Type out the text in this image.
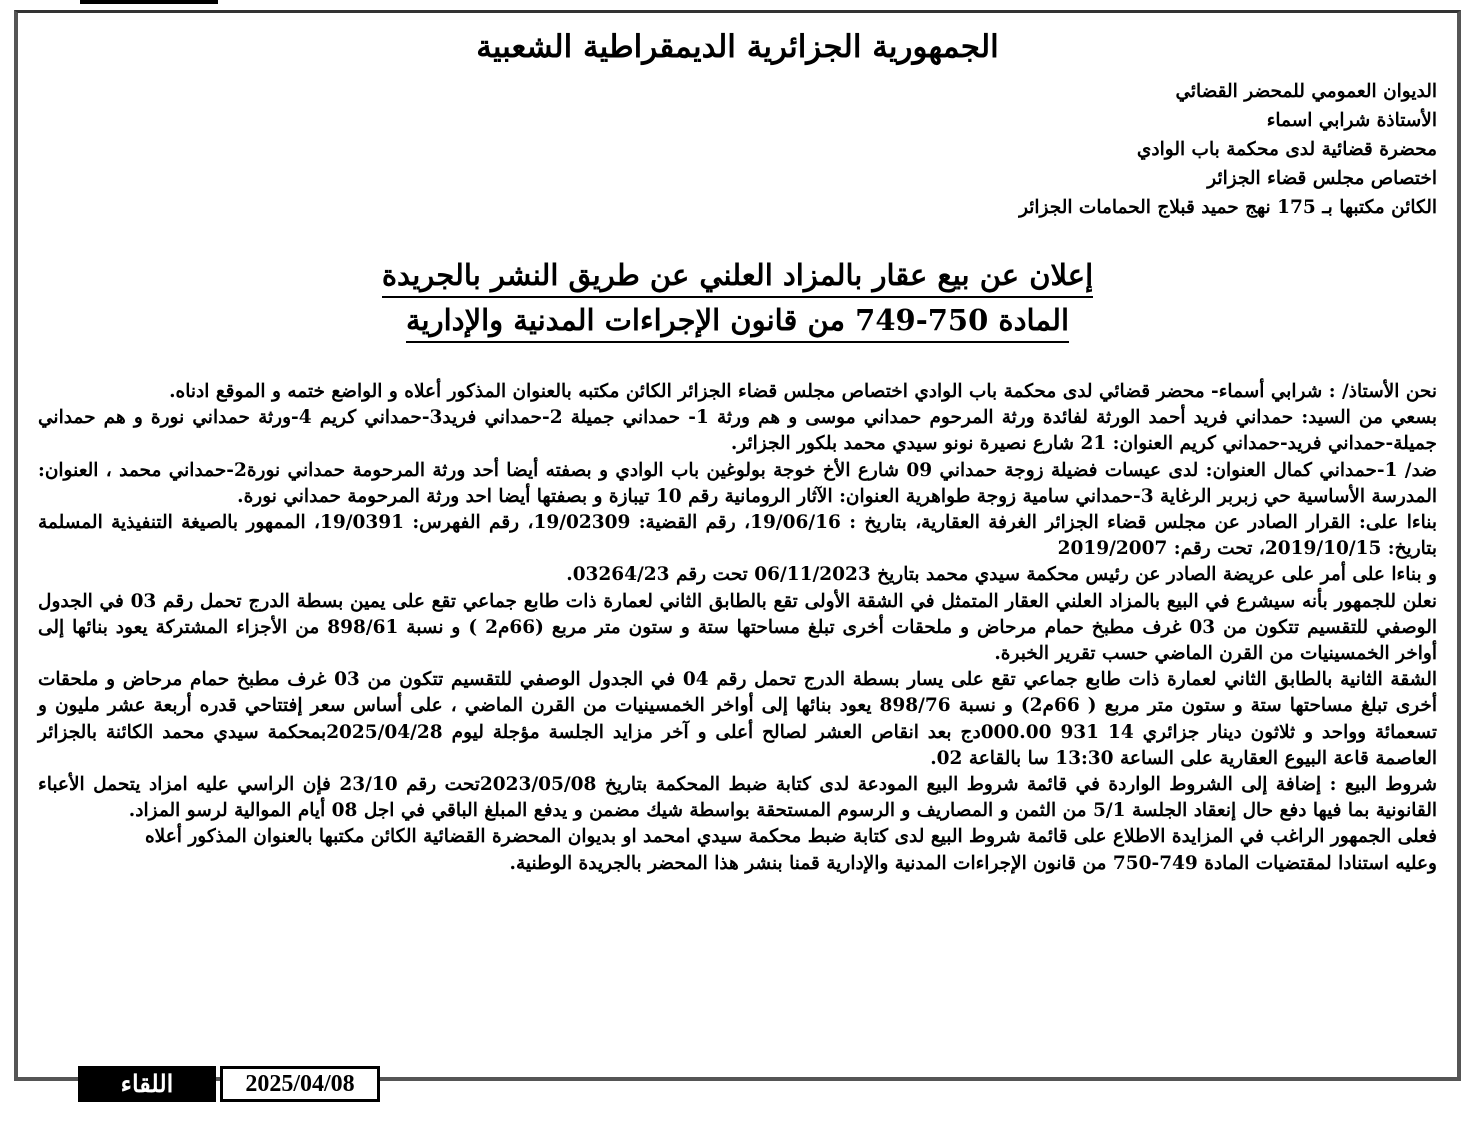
الجمهورية الجزائرية الديمقراطية الشعبية
الديوان العمومي للمحضر القضائي
الأستاذة شرابي اسماء
محضرة قضائية لدى محكمة باب الوادي
اختصاص مجلس قضاء الجزائر
الكائن مكتبها بـ 175 نهج حميد قبلاج الحمامات الجزائر
إعلان عن بيع عقار بالمزاد العلني عن طريق النشر بالجريدة
المادة 749-750 من قانون الإجراءات المدنية والإدارية

نحن الأستاذ/ : شرابي أسماء- محضر قضائي لدى محكمة باب الوادي اختصاص مجلس قضاء الجزائر الكائن مكتبه بالعنوان المذكور أعلاه و الواضع ختمه و الموقع ادناه.

بسعي من السيد: حمداني فريد أحمد الورثة لفائدة ورثة المرحوم حمداني موسى و هم ورثة 1- حمداني جميلة 2-حمداني فريد3-حمداني كريم 4-ورثة حمداني نورة و هم حمداني جميلة-حمداني فريد-حمداني كريم العنوان: 21 شارع نصيرة نونو سيدي محمد بلكور الجزائر.

ضد/ 1-حمداني كمال العنوان: لدى عيسات فضيلة زوجة حمداني 09 شارع الأخ خوجة بولوغين باب الوادي و بصفته أيضا أحد ورثة المرحومة حمداني نورة2-حمداني محمد ، العنوان: المدرسة الأساسية حي زبربر الرغاية 3-حمداني سامية زوجة طواهرية العنوان: الآثار الرومانية رقم 10 تيبازة و بصفتها أيضا احد ورثة المرحومة حمداني نورة.

بناءا على: القرار الصادر عن مجلس قضاء الجزائر الغرفة العقارية، بتاريخ : 19/06/16، رقم القضية: 19/02309، رقم الفهرس: 19/0391، الممهور بالصيغة التنفيذية المسلمة بتاريخ: 2019/10/15، تحت رقم: 2019/2007

و بناءا على أمر على عريضة الصادر عن رئيس محكمة سيدي محمد بتاريخ 06/11/2023 تحت رقم 03264/23.

نعلن للجمهور بأنه سيشرع في البيع بالمزاد العلني العقار المتمثل في الشقة الأولى تقع بالطابق الثاني لعمارة ذات طابع جماعي تقع على يمين بسطة الدرج تحمل رقم 03 في الجدول الوصفي للتقسيم تتكون من 03 غرف مطبخ حمام مرحاض و ملحقات أخرى تبلغ مساحتها ستة و ستون متر مربع (66م2 ) و نسبة 898/61 من الأجزاء المشتركة يعود بنائها إلى أواخر الخمسينيات من القرن الماضي حسب تقرير الخبرة.

الشقة الثانية بالطابق الثاني لعمارة ذات طابع جماعي تقع على يسار بسطة الدرج تحمل رقم 04 في الجدول الوصفي للتقسيم تتكون من 03 غرف مطبخ حمام مرحاض و ملحقات أخرى تبلغ مساحتها ستة و ستون متر مربع ( 66م2) و نسبة 898/76 يعود بنائها إلى أواخر الخمسينيات من القرن الماضي ، على أساس سعر إفتتاحي قدره أربعة عشر مليون و تسعمائة وواحد و ثلاثون دينار جزائري 14 931 000.00دج بعد انقاص العشر لصالح أعلى و آخر مزايد الجلسة مؤجلة ليوم 2025/04/28بمحكمة سيدي محمد الكائنة بالجزائر العاصمة قاعة البيوع العقارية على الساعة 13:30 سا بالقاعة 02.

شروط البيع : إضافة إلى الشروط الواردة في قائمة شروط البيع المودعة لدى كتابة ضبط المحكمة بتاريخ 2023/05/08تحت رقم 23/10 فإن الراسي عليه امزاد يتحمل الأعباء القانونية بما فيها دفع حال إنعقاد الجلسة 5/1 من الثمن و المصاريف و الرسوم المستحقة بواسطة شيك مضمن و يدفع المبلغ الباقي في اجل 08 أيام الموالية لرسو المزاد.

فعلى الجمهور الراغب في المزايدة الاطلاع على قائمة شروط البيع لدى كتابة ضبط محكمة سيدي امحمد او بديوان المحضرة القضائية الكائن مكتبها بالعنوان المذكور أعلاه

وعليه استنادا لمقتضيات المادة 749-750 من قانون الإجراءات المدنية والإدارية قمنا بنشر هذا المحضر بالجريدة الوطنية.

2025/04/08
اللقاء
